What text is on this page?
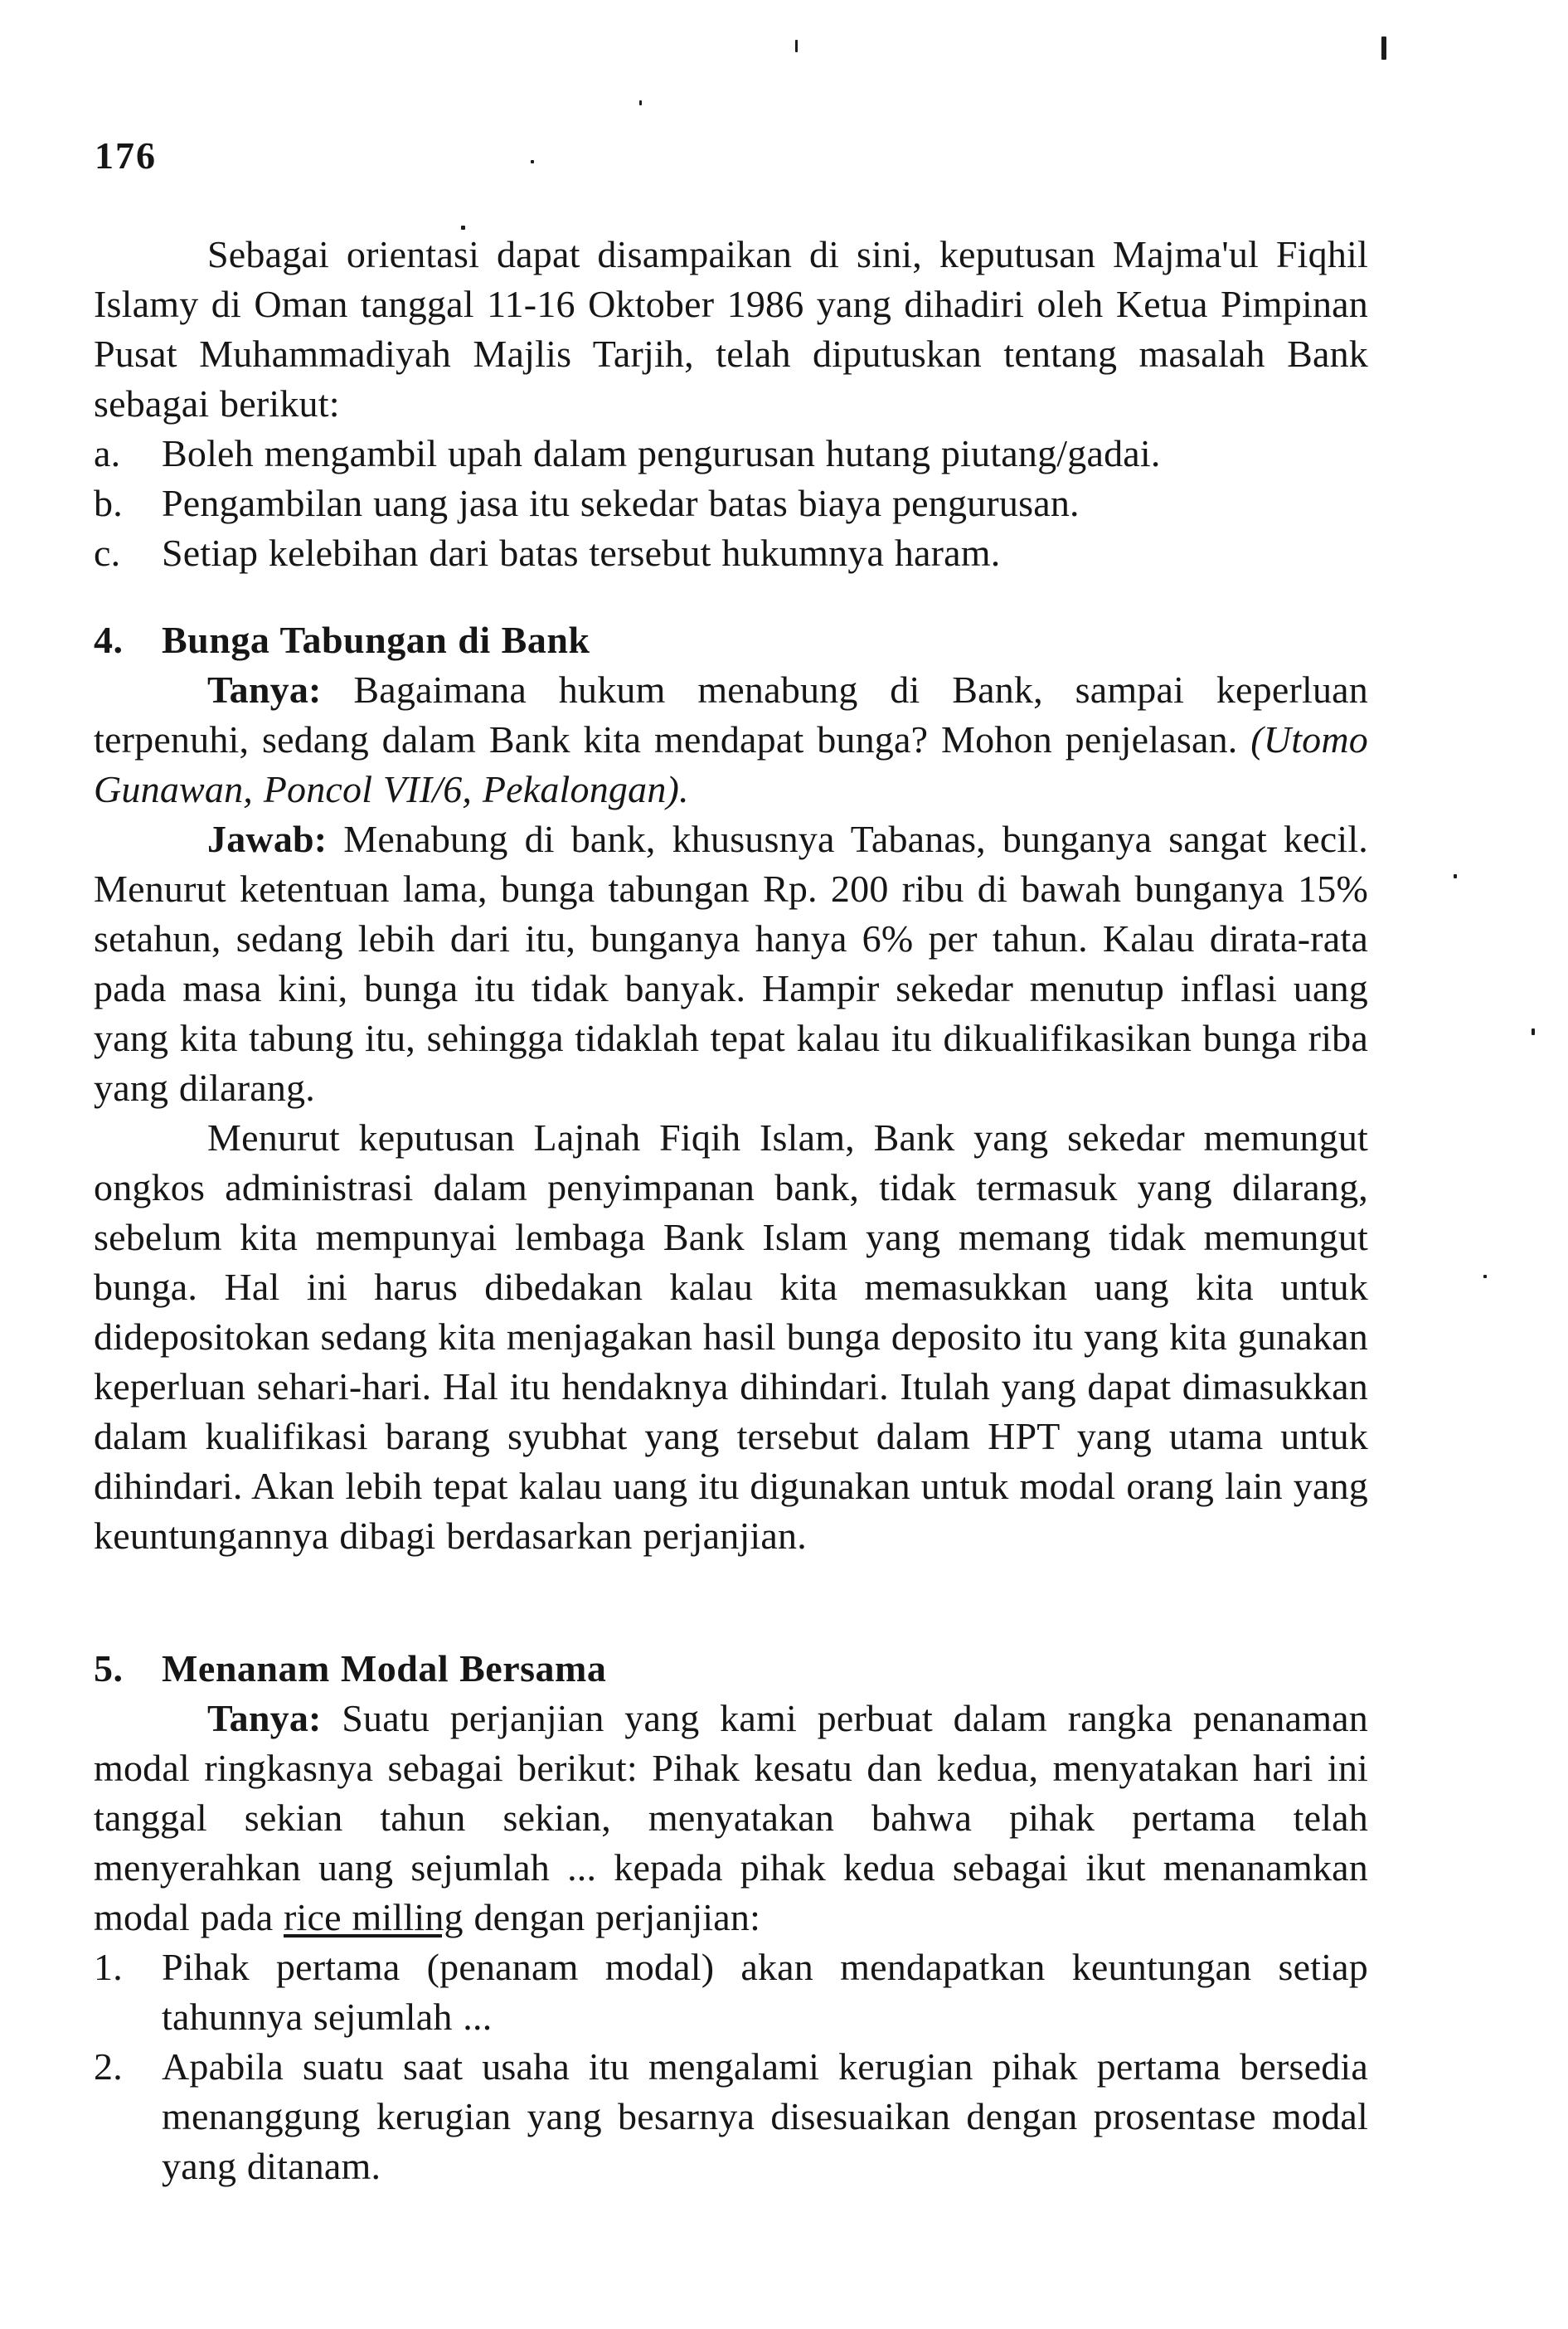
176

Sebagai orientasi dapat disampaikan di sini, keputusan Majma'ul Fiqhil Islamy di Oman tanggal 11-16 Oktober 1986 yang dihadiri oleh Ketua Pimpinan Pusat Muhammadiyah Majlis Tarjih, telah diputuskan tentang masalah Bank sebagai berikut:

a.	Boleh mengambil upah dalam pengurusan hutang piutang/gadai.
b.	Pengambilan uang jasa itu sekedar batas biaya pengurusan.
c.	Setiap kelebihan dari batas tersebut hukumnya haram.
4.	Bunga Tabungan di Bank

Tanya: Bagaimana hukum menabung di Bank, sampai keperluan terpenuhi, sedang dalam Bank kita mendapat bunga? Mohon penjelasan. (Utomo Gunawan, Poncol VII/6, Pekalongan).

Jawab: Menabung di bank, khususnya Tabanas, bunganya sangat kecil. Menurut ketentuan lama, bunga tabungan Rp. 200 ribu di bawah bunganya 15% setahun, sedang lebih dari itu, bunganya hanya 6% per tahun. Kalau dirata-rata pada masa kini, bunga itu tidak banyak. Hampir sekedar menutup inflasi uang yang kita tabung itu, sehingga tidaklah tepat kalau itu dikualifikasikan bunga riba yang dilarang.

Menurut keputusan Lajnah Fiqih Islam, Bank yang sekedar memungut ongkos administrasi dalam penyimpanan bank, tidak termasuk yang dilarang, sebelum kita mempunyai lembaga Bank Islam yang memang tidak memungut bunga. Hal ini harus dibedakan kalau kita memasukkan uang kita untuk didepositokan sedang kita menjagakan hasil bunga deposito itu yang kita gunakan keperluan sehari-hari. Hal itu hendaknya dihindari. Itulah yang dapat dimasukkan dalam kualifikasi barang syubhat yang tersebut dalam HPT yang utama untuk dihindari. Akan lebih tepat kalau uang itu digunakan untuk modal orang lain yang keuntungannya dibagi berdasarkan perjanjian.

5.	Menanam Modal Bersama

Tanya: Suatu perjanjian yang kami perbuat dalam rangka penanaman modal ringkasnya sebagai berikut: Pihak kesatu dan kedua, menyatakan hari ini tanggal sekian tahun sekian, menyatakan bahwa pihak pertama telah menyerahkan uang sejumlah ... kepada pihak kedua sebagai ikut menanamkan modal pada rice milling dengan perjanjian:

1.	Pihak pertama (penanam modal) akan mendapatkan keuntungan setiap tahunnya sejumlah ...
2.	Apabila suatu saat usaha itu mengalami kerugian pihak pertama bersedia menanggung kerugian yang besarnya disesuaikan dengan prosentase modal yang ditanam.
